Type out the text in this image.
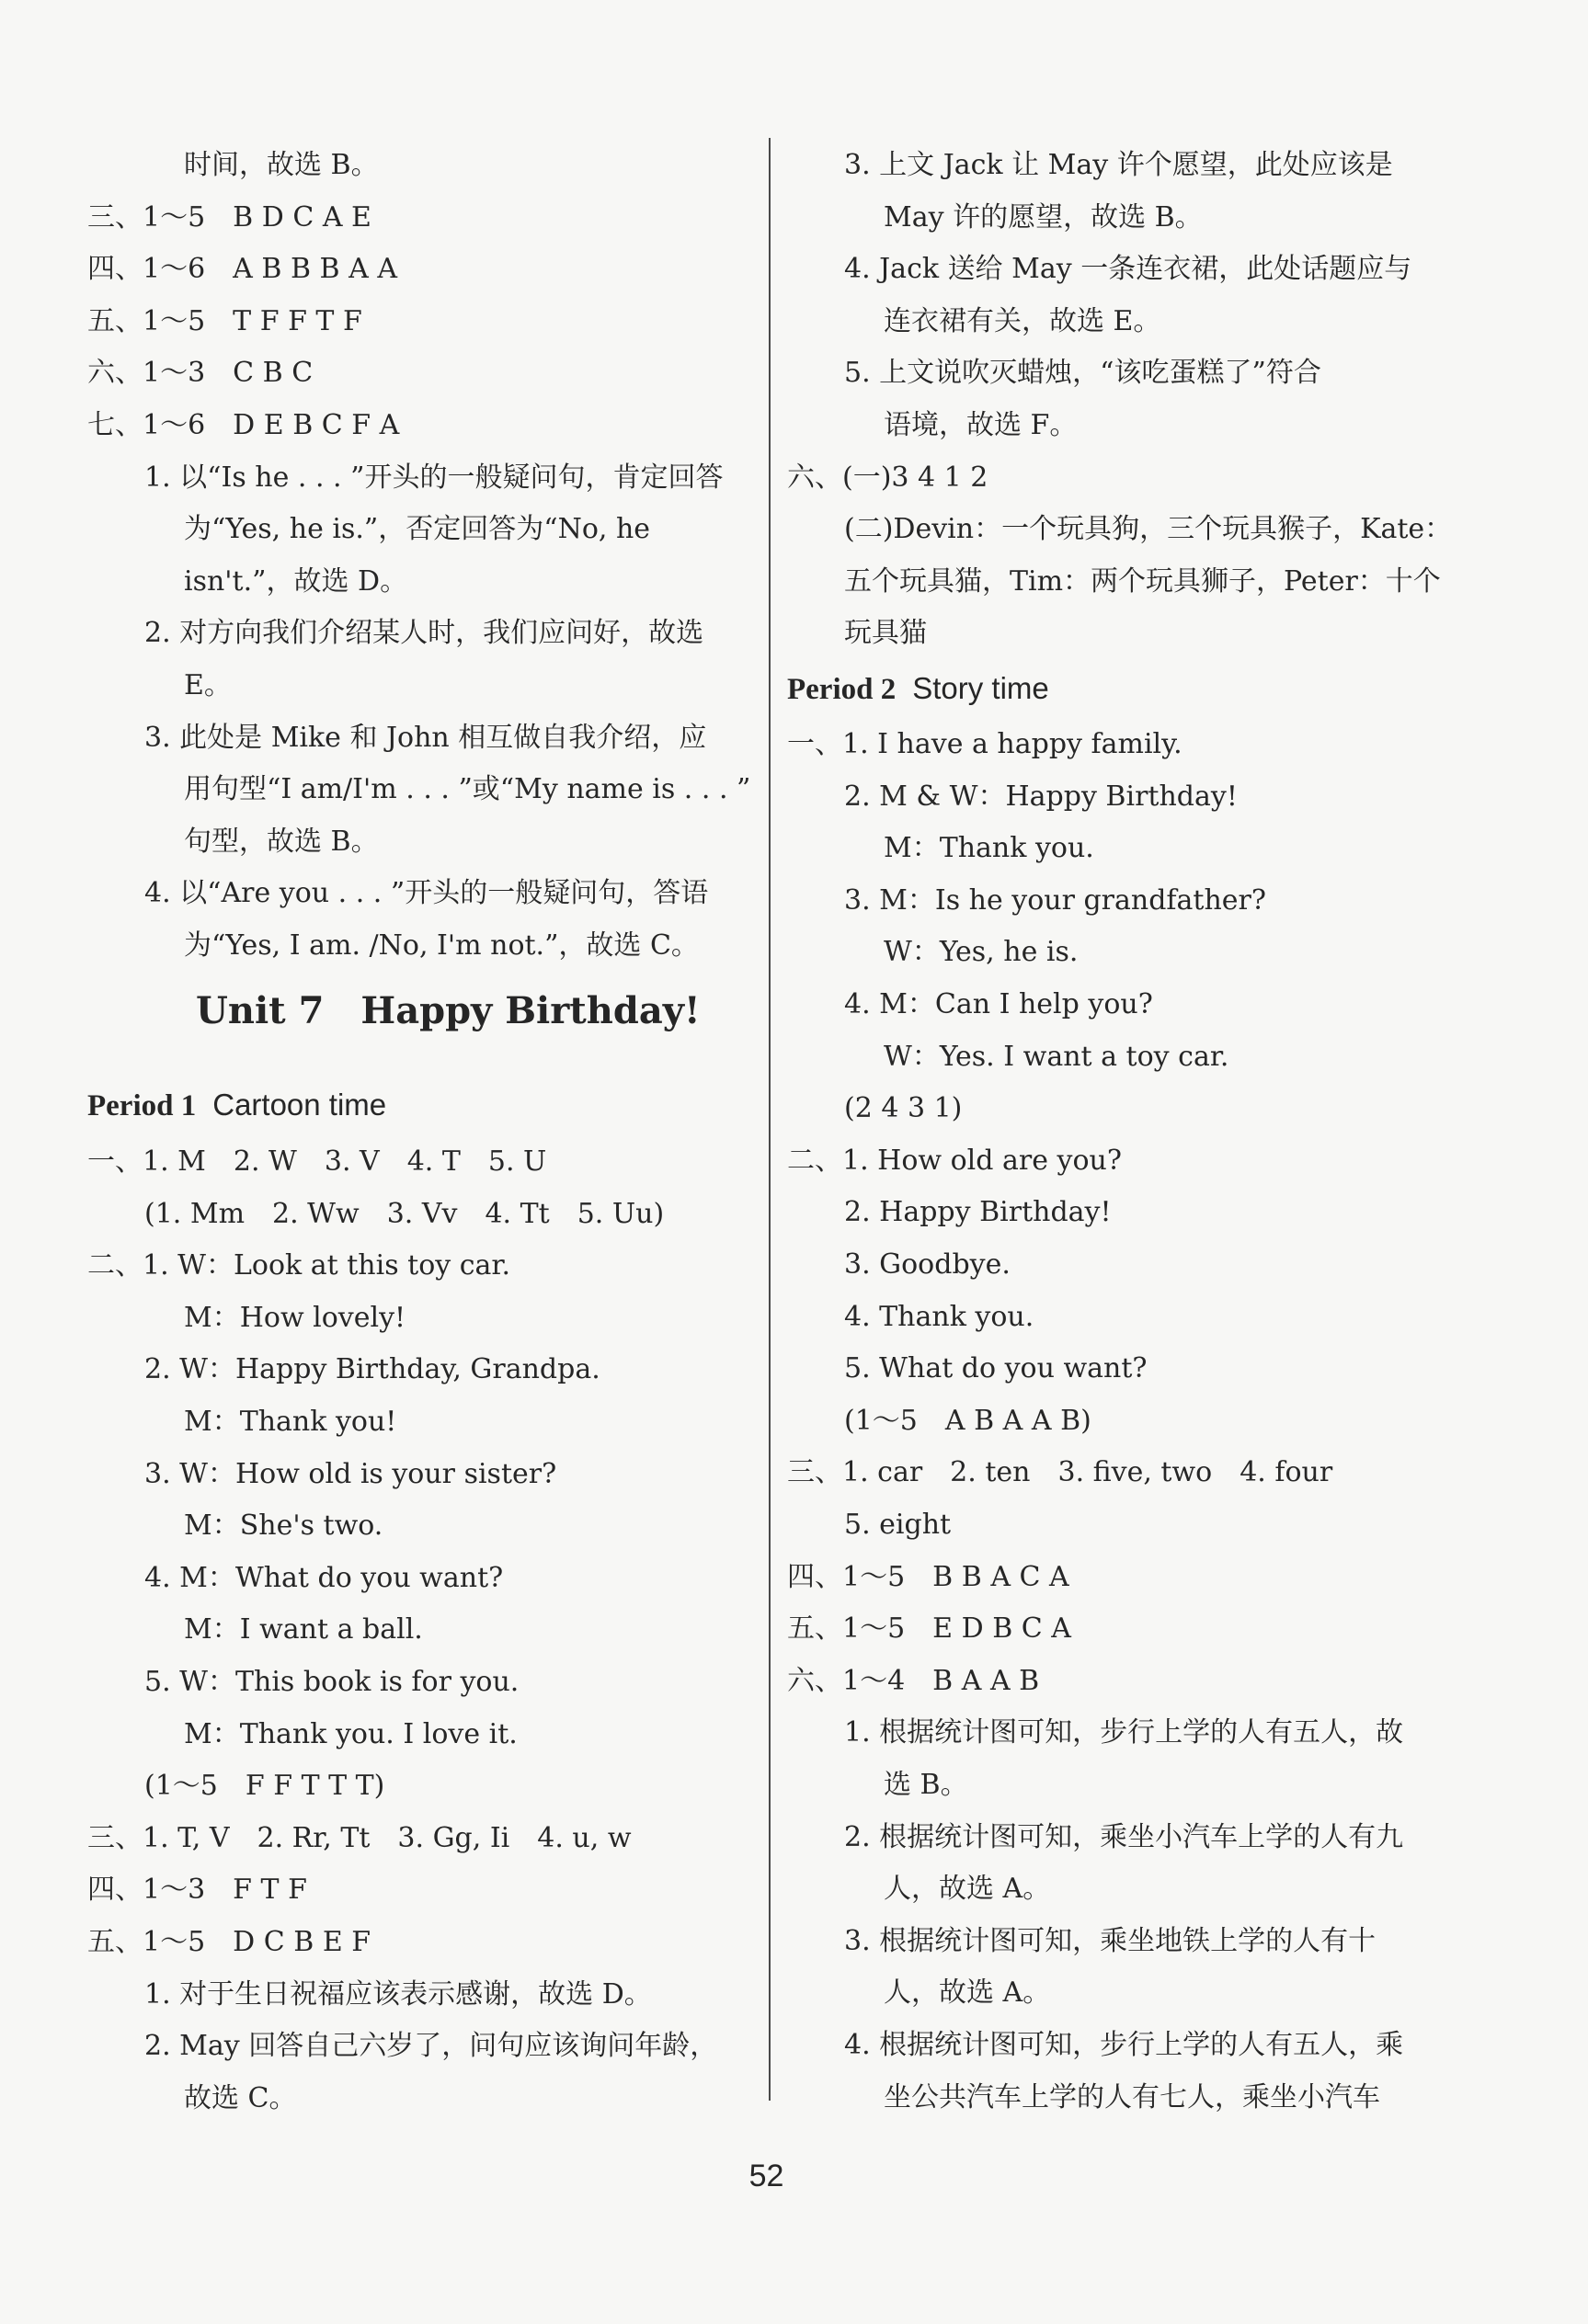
时间，故选 B。
三、1～5　B D C A E
四、1～6　A B B B A A
五、1～5　T F F T F
六、1～3　C B C
七、1～6　D E B C F A
1. 以“Is he . . . ”开头的一般疑问句，肯定回答
为“Yes, he is.”，否定回答为“No, he
isn't.”，故选 D。
2. 对方向我们介绍某人时，我们应问好，故选
E。
3. 此处是 Mike 和 John 相互做自我介绍，应
用句型“I am/I'm . . . ”或“My name is . . . ”
句型，故选 B。
4. 以“Are you . . . ”开头的一般疑问句，答语
为“Yes, I am. /No, I'm not.”，故选 C。
Unit 7 Happy Birthday!
Period 1 Cartoon time
一、1. M　2. W　3. V　4. T　5. U
(1. Mm　2. Ww　3. Vv　4. Tt　5. Uu)
二、1. W：Look at this toy car.
M：How lovely!
2. W：Happy Birthday, Grandpa.
M：Thank you!
3. W：How old is your sister?
M：She's two.
4. M：What do you want?
M：I want a ball.
5. W：This book is for you.
M：Thank you. I love it.
(1～5　F F T T T)
三、1. T, V　2. Rr, Tt　3. Gg, Ii　4. u, w
四、1～3　F T F
五、1～5　D C B E F
1. 对于生日祝福应该表示感谢，故选 D。
2. May 回答自己六岁了，问句应该询问年龄，
故选 C。
3. 上文 Jack 让 May 许个愿望，此处应该是
May 许的愿望，故选 B。
4. Jack 送给 May 一条连衣裙，此处话题应与
连衣裙有关，故选 E。
5. 上文说吹灭蜡烛，“该吃蛋糕了”符合
语境，故选 F。
六、(一)3 4 1 2
(二)Devin：一个玩具狗，三个玩具猴子，Kate：
五个玩具猫，Tim：两个玩具狮子，Peter：十个
玩具猫
Period 2 Story time
一、1. I have a happy family.
2. M & W：Happy Birthday!
M：Thank you.
3. M：Is he your grandfather?
W：Yes, he is.
4. M：Can I help you?
W：Yes. I want a toy car.
(2 4 3 1)
二、1. How old are you?
2. Happy Birthday!
3. Goodbye.
4. Thank you.
5. What do you want?
(1～5　A B A A B)
三、1. car　2. ten　3. five, two　4. four
5. eight
四、1～5　B B A C A
五、1～5　E D B C A
六、1～4　B A A B
1. 根据统计图可知，步行上学的人有五人，故
选 B。
2. 根据统计图可知，乘坐小汽车上学的人有九
人，故选 A。
3. 根据统计图可知，乘坐地铁上学的人有十
人，故选 A。
4. 根据统计图可知，步行上学的人有五人，乘
坐公共汽车上学的人有七人，乘坐小汽车
52
